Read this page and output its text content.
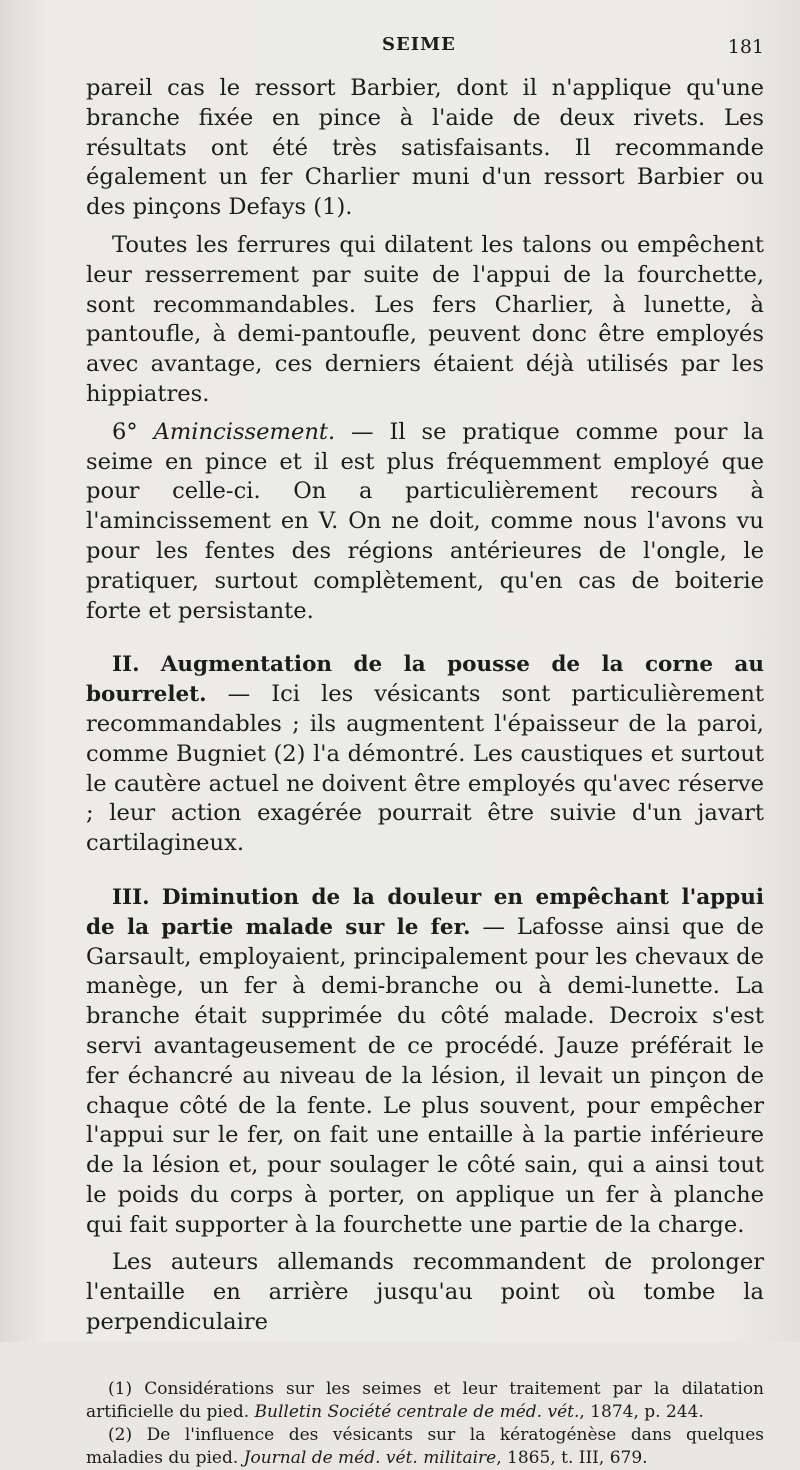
SEIME	181

pareil cas le ressort Barbier, dont il n'applique qu'une branche fixée en pince à l'aide de deux rivets. Les résultats ont été très satisfaisants. Il recommande également un fer Charlier muni d'un ressort Barbier ou des pinçons Defays (1).

Toutes les ferrures qui dilatent les talons ou empêchent leur resserrement par suite de l'appui de la fourchette, sont recommandables. Les fers Charlier, à lunette, à pantoufle, à demi-pantoufle, peuvent donc être employés avec avantage, ces derniers étaient déjà utilisés par les hippiatres.

6° Amincissement. — Il se pratique comme pour la seime en pince et il est plus fréquemment employé que pour celle-ci. On a particulièrement recours à l'amincissement en V. On ne doit, comme nous l'avons vu pour les fentes des régions antérieures de l'ongle, le pratiquer, surtout complètement, qu'en cas de boiterie forte et persistante.

II. Augmentation de la pousse de la corne au bourrelet. — Ici les vésicants sont particulièrement recommandables ; ils augmentent l'épaisseur de la paroi, comme Bugniet (2) l'a démontré. Les caustiques et surtout le cautère actuel ne doivent être employés qu'avec réserve ; leur action exagérée pourrait être suivie d'un javart cartilagineux.

III. Diminution de la douleur en empêchant l'appui de la partie malade sur le fer. — Lafosse ainsi que de Garsault, employaient, principalement pour les chevaux de manège, un fer à demi-branche ou à demi-lunette. La branche était supprimée du côté malade. Decroix s'est servi avantageusement de ce procédé. Jauze préférait le fer échancré au niveau de la lésion, il levait un pinçon de chaque côté de la fente. Le plus souvent, pour empêcher l'appui sur le fer, on fait une entaille à la partie inférieure de la lésion et, pour soulager le côté sain, qui a ainsi tout le poids du corps à porter, on applique un fer à planche qui fait supporter à la fourchette une partie de la charge.

Les auteurs allemands recommandent de prolonger l'entaille en arrière jusqu'au point où tombe la perpendiculaire

(1) Considérations sur les seimes et leur traitement par la dilatation artificielle du pied. Bulletin Société centrale de méd. vét., 1874, p. 244.

(2) De l'influence des vésicants sur la kératogénèse dans quelques maladies du pied. Journal de méd. vét. militaire, 1865, t. III, 679.
